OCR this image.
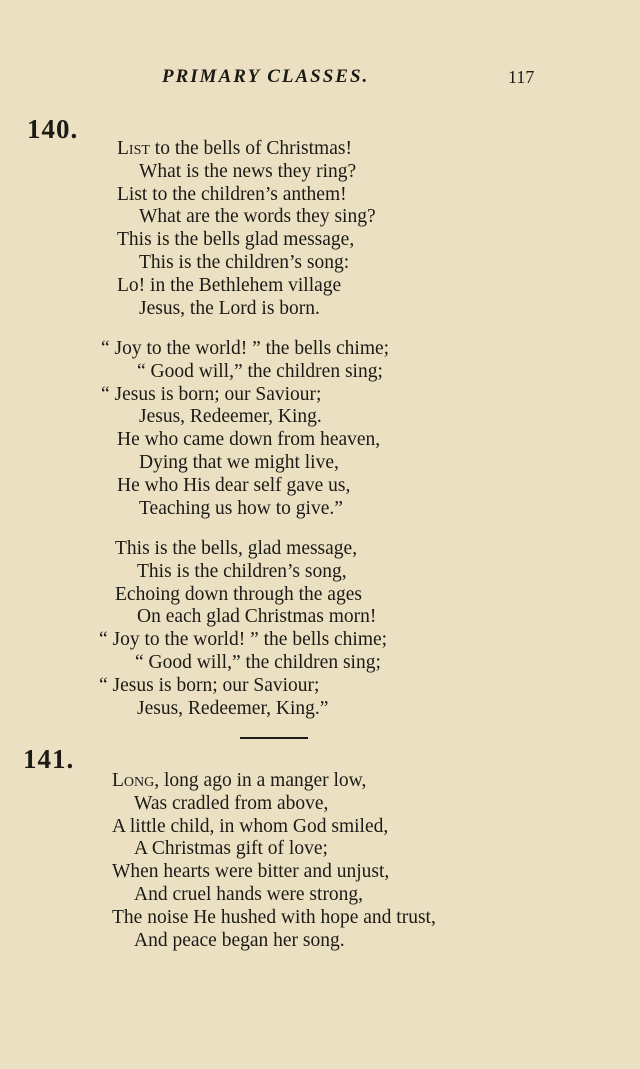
PRIMARY CLASSES.	117
140.
List to the bells of Christmas!
What is the news they ring?
List to the children’s anthem!
What are the words they sing?
This is the bells glad message,
This is the children’s song:
Lo! in the Bethlehem village
Jesus, the Lord is born.
“ Joy to the world! ” the bells chime;
“ Good will,” the children sing;
“ Jesus is born; our Saviour;
Jesus, Redeemer, King.
He who came down from heaven,
Dying that we might live,
He who His dear self gave us,
Teaching us how to give.”
This is the bells, glad message,
This is the children’s song,
Echoing down through the ages
On each glad Christmas morn!
“ Joy to the world! ” the bells chime;
“ Good will,” the children sing;
“ Jesus is born; our Saviour;
Jesus, Redeemer, King.”
141.
Long, long ago in a manger low,
Was cradled from above,
A little child, in whom God smiled,
A Christmas gift of love;
When hearts were bitter and unjust,
And cruel hands were strong,
The noise He hushed with hope and trust,
And peace began her song.
